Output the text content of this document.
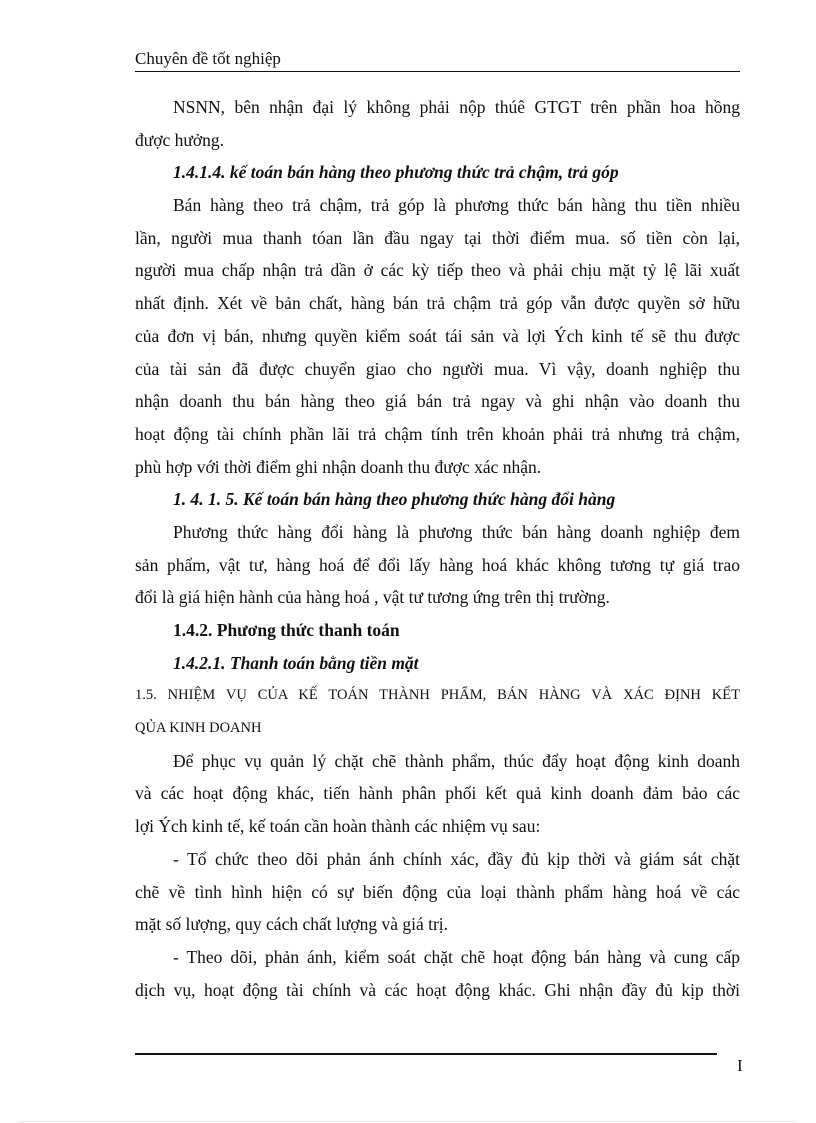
Chuyên đề tốt nghiệp
NSNN, bên nhận đại lý không phải nộp thúê GTGT trên phần hoa hồng
được hưởng.
1.4.1.4. kế toán bán hàng theo phương thức trả chậm, trả góp
Bán hàng theo trả chậm, trả góp là phương thức bán hàng thu tiền nhiều
lần, người mua thanh tóan lần đầu ngay tại thời điểm mua. số tiền còn lại,
người mua chấp nhận trả dần ở các kỳ tiếp theo và phải chịu mặt tỷ lệ lãi xuất
nhất định. Xét về bản chất, hàng bán trả chậm trả góp vẫn được quyền sở hữu
của đơn vị bán, nhưng quyền kiểm soát tái sản và lợi Ých kinh tế sẽ thu được
của tài sản đã được chuyển giao cho người mua. Vì vậy, doanh nghiệp thu
nhận doanh thu bán hàng theo giá bán trả ngay và ghi nhận vào doanh thu
hoạt động tài chính phần lãi trả chậm tính trên khoản phải trả nhưng trả chậm,
phù hợp với thời điểm ghi nhận doanh thu được xác nhận.
1. 4. 1. 5. Kế toán bán hàng theo phương thức hàng đổi hàng
Phương thức hàng đổi hàng là phương thức bán hàng doanh nghiệp đem
sản phẩm, vật tư, hàng hoá để đổi lấy hàng hoá khác không tương tự giá trao
đổi là giá hiện hành của hàng hoá , vật tư tương ứng trên thị trường.
1.4.2. Phương thức thanh toán
1.4.2.1. Thanh toán bằng tiền mặt
1.5. NHIỆM VỤ CỦA KẾ TOÁN THÀNH PHẨM, BÁN HÀNG VÀ XÁC ĐỊNH KẾT
QỦA KINH DOANH
Để phục vụ quản lý chặt chẽ thành phẩm, thúc đẩy hoạt động kinh doanh
và các hoạt động khác, tiến hành phân phối kết quả kinh doanh đảm bảo các
lợi Ých kinh tế, kế toán cần hoàn thành các nhiệm vụ sau:
- Tổ chức theo dõi phản ánh chính xác, đầy đủ kịp thời và giám sát chặt
chẽ về tình hình hiện có sự biến động của loại thành phẩm hàng hoá về các
mặt số lượng, quy cách chất lượng và giá trị.
- Theo dõi, phản ánh, kiểm soát chặt chẽ hoạt động bán hàng và cung cấp
dịch vụ, hoạt động tài chính và các hoạt động khác. Ghi nhận đầy đủ kịp thời
I
